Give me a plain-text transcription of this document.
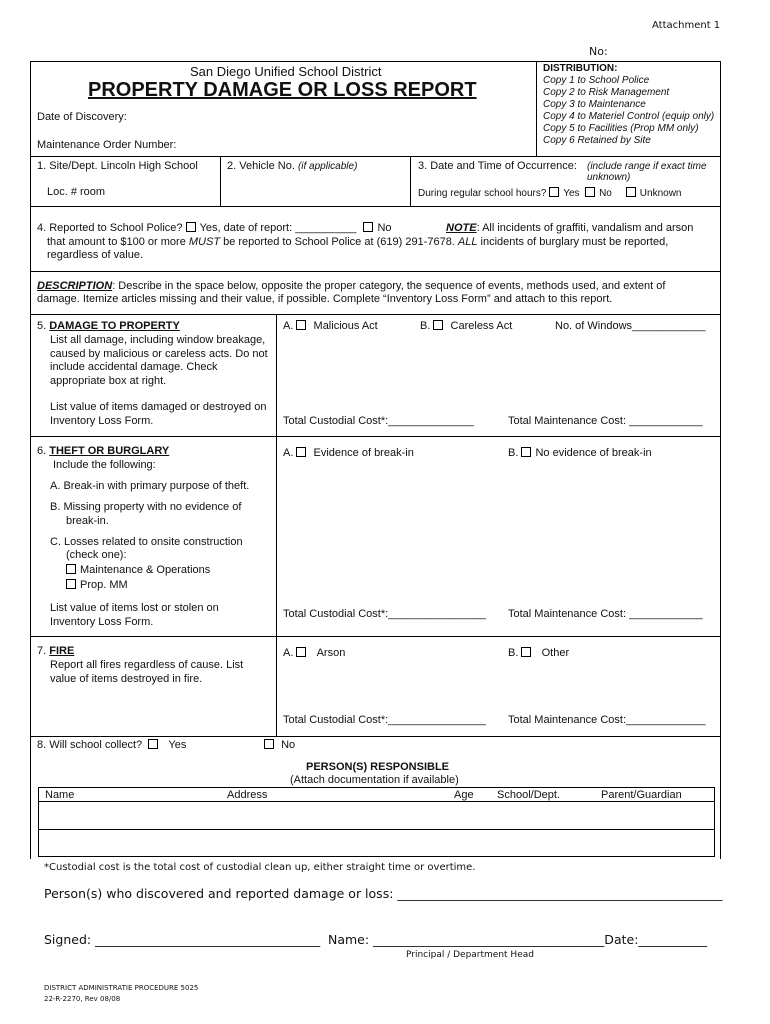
Attachment 1
No:
San Diego Unified School District
PROPERTY DAMAGE OR LOSS REPORT
Date of Discovery:
Maintenance Order Number:
DISTRIBUTION:
Copy 1 to School Police
Copy 2 to Risk Management
Copy 3 to Maintenance
Copy 4 to Materiel Control (equip only)
Copy 5 to Facilities (Prop MM only)
Copy 6 Retained by Site
1. Site/Dept. Lincoln High School
Loc. # room
2. Vehicle No. (if applicable)	3. Date and Time of Occurrence: (include range if exact time unknown)
During regular school hours? Yes No	Unknown
4. Reported to School Police? Yes, date of report: __________ No	NOTE: All incidents of graffiti, vandalism and arson
that amount to $100 or more MUST be reported to School Police at (619) 291-7678. ALL incidents of burglary must be reported,
regardless of value.
DESCRIPTION: Describe in the space below, opposite the proper category, the sequence of events, methods used, and extent of
damage. Itemize articles missing and their value, if possible. Complete “Inventory Loss Form” and attach to this report.
5. DAMAGE TO PROPERTY
List all damage, including window breakage, caused by malicious or careless acts. Do not include accidental damage. Check appropriate box at right.
List value of items damaged or destroyed on Inventory Loss Form.
A. Malicious Act	B. Careless Act	No. of Windows____________
Total Custodial Cost*:______________	Total Maintenance Cost: ____________
6. THEFT OR BURGLARY
Include the following:
A. Break-in with primary purpose of theft.
B. Missing property with no evidence of
break-in.
C. Losses related to onsite construction
(check one):
Maintenance & Operations
Prop. MM
List value of items lost or stolen on Inventory Loss Form.
A. Evidence of break-in	B. No evidence of break-in
Total Custodial Cost*:________________ Total Maintenance Cost: ____________
7. FIRE
Report all fires regardless of cause. List value of items destroyed in fire.
A. Arson	B. Other
Total Custodial Cost*:________________ Total Maintenance Cost:_____________
8. Will school collect? Yes	No
PERSON(S) RESPONSIBLE
(Attach documentation if available)
Name	Address	Age School/Dept.	Parent/Guardian
*Custodial cost is the total cost of custodial clean up, either straight time or overtime.
Person(s) who discovered and reported damage or loss: ____________________________________________________
Signed: ____________________________________ Name: _____________________________________Date:___________
Principal / Department Head
DISTRICT ADMINISTRATIE PROCEDURE 5025
22-R-2270, Rev 08/08
